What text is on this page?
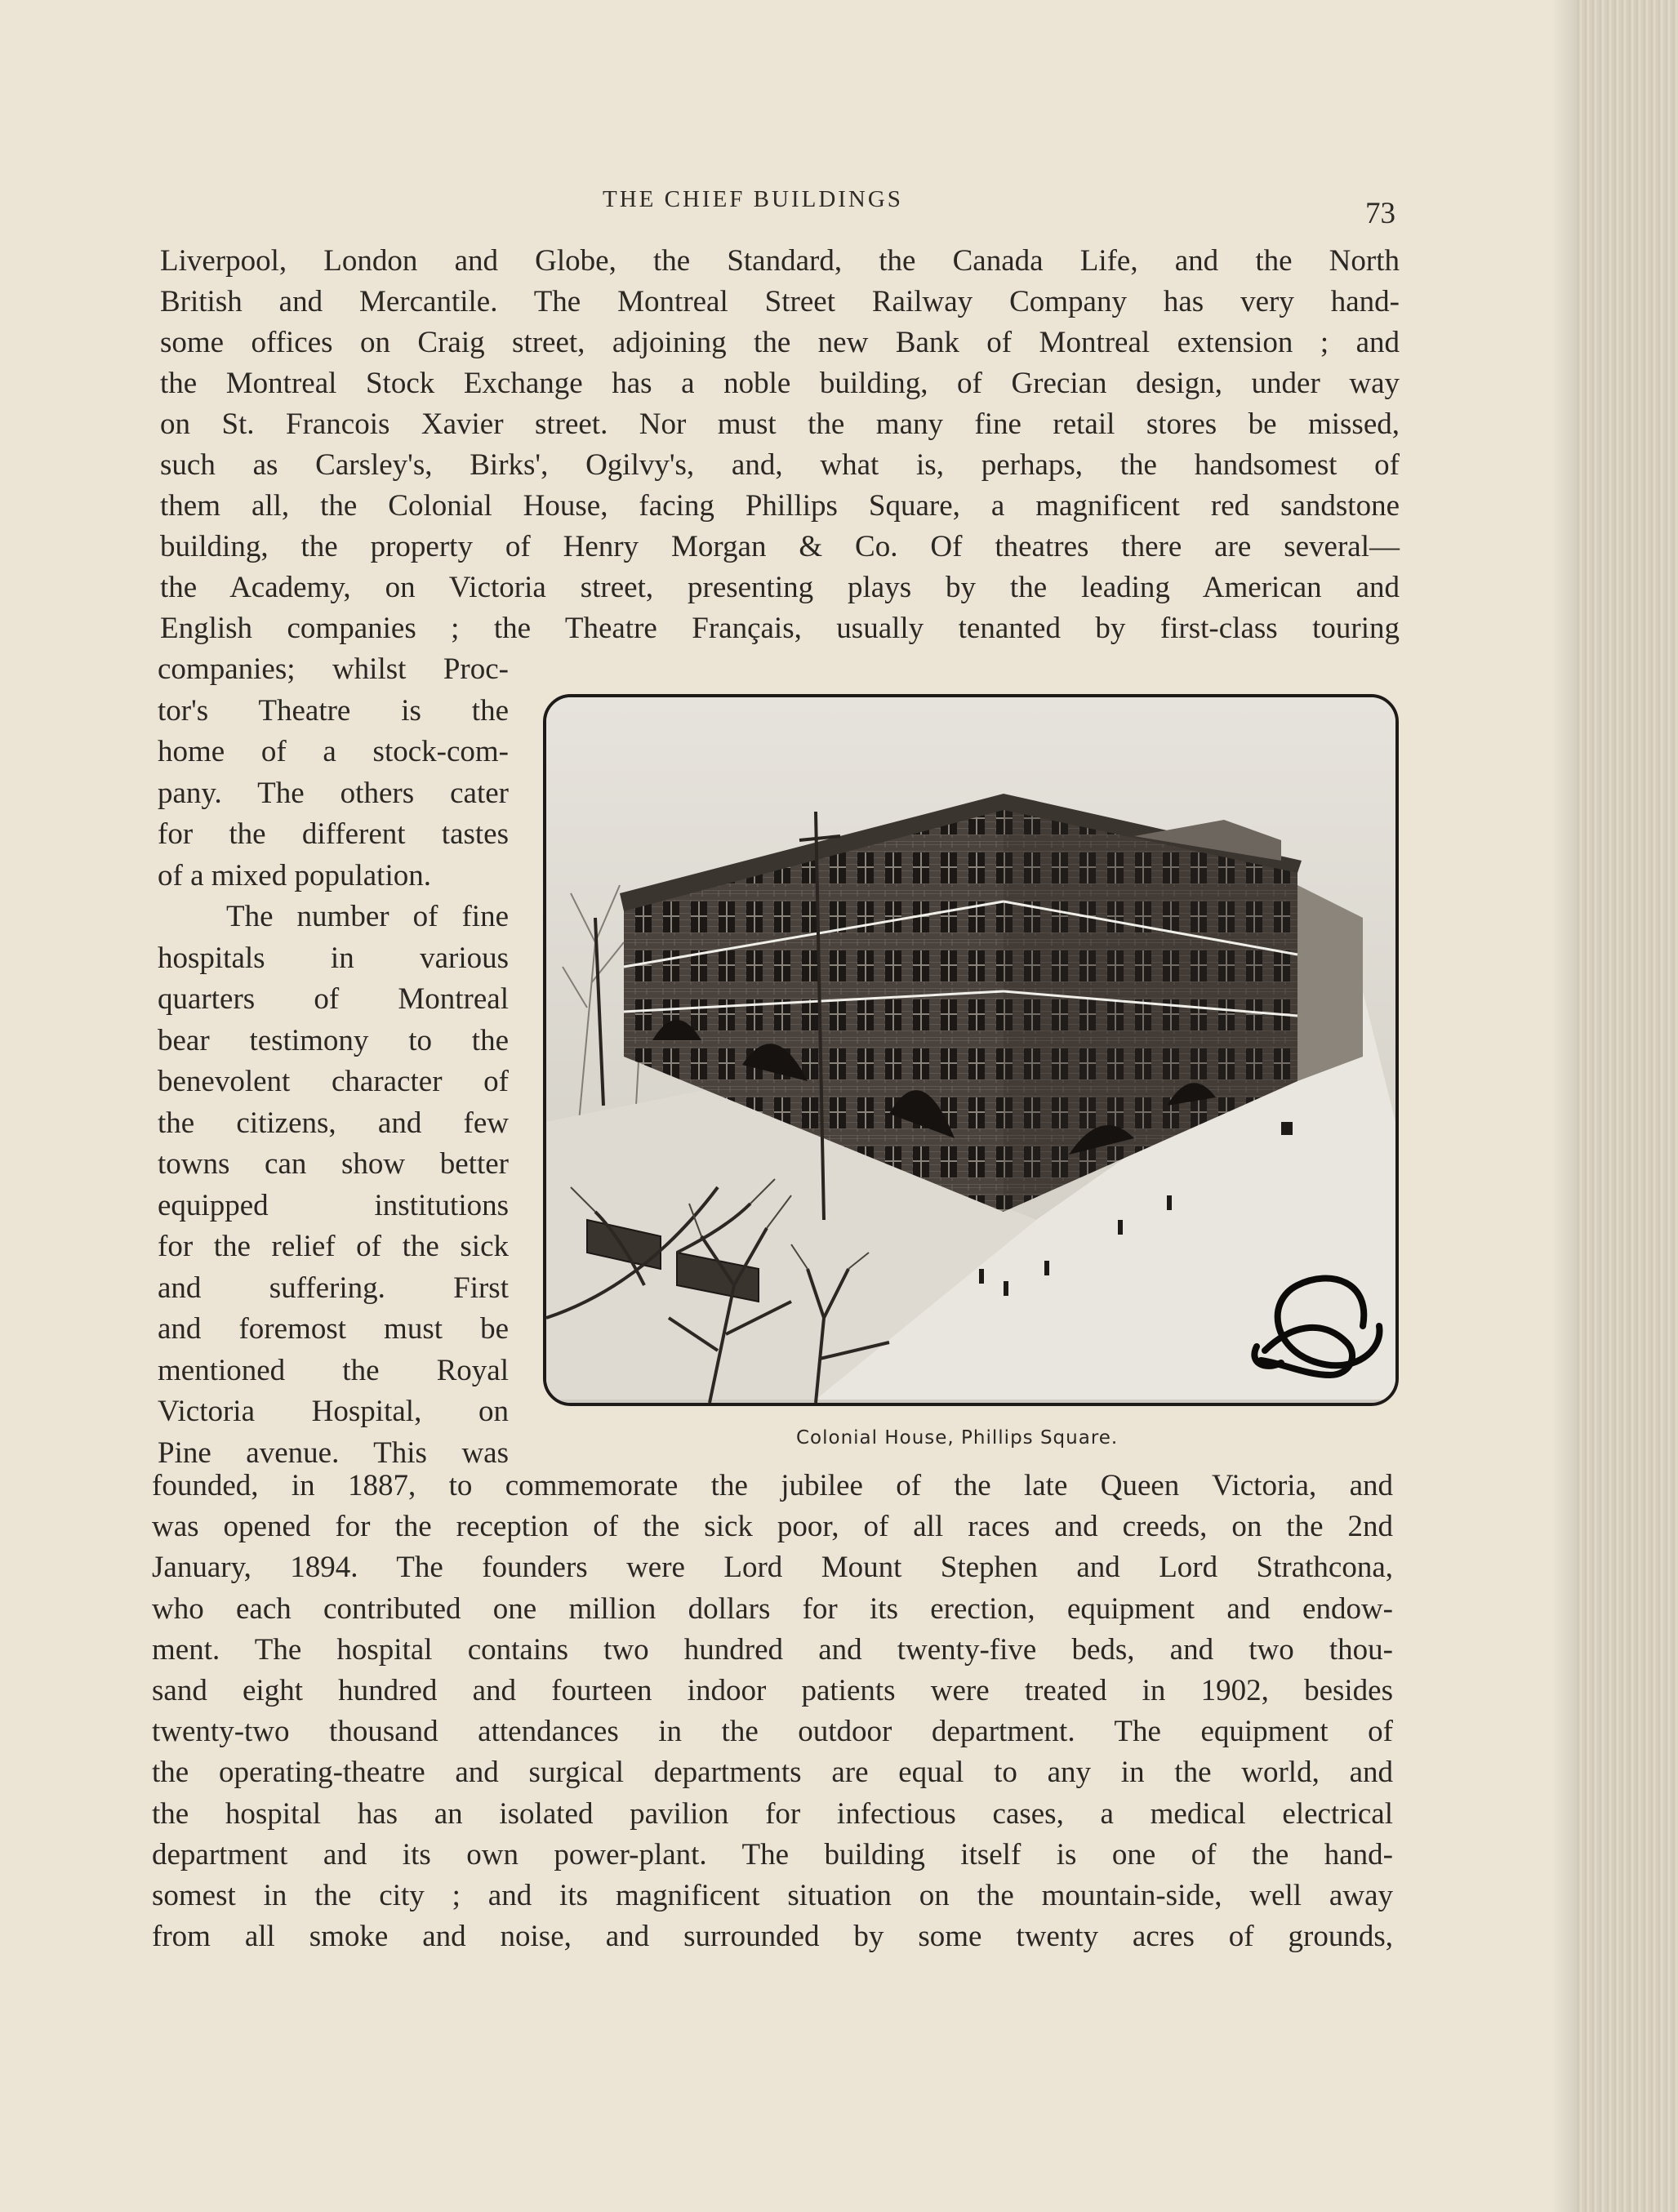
THE CHIEF BUILDINGS	73
Liverpool, London and Globe, the Standard, the Canada Life, and the North
British and Mercantile. The Montreal Street Railway Company has very hand-
some offices on Craig street, adjoining the new Bank of Montreal extension ; and
the Montreal Stock Exchange has a noble building, of Grecian design, under way
on St. Francois Xavier street. Nor must the many fine retail stores be missed,
such as Carsley's, Birks', Ogilvy's, and, what is, perhaps, the handsomest of
them all, the Colonial House, facing Phillips Square, a magnificent red sandstone
building, the property of Henry Morgan & Co. Of theatres there are several—
the Academy, on Victoria street, presenting plays by the leading American and
English companies ; the Theatre Français, usually tenanted by first-class touring
companies; whilst Proc-
tor's Theatre is the
home of a stock-com-
pany. The others cater
for the different tastes
of a mixed population.
The number of fine
hospitals in various
quarters of Montreal
bear testimony to the
benevolent character of
the citizens, and few
towns can show better
equipped institutions
for the relief of the sick
and suffering. First
and foremost must be
mentioned the Royal
Victoria Hospital, on
Pine avenue. This was	Colonial House, Phillips Square.
founded, in 1887, to commemorate the jubilee of the late Queen Victoria, and
was opened for the reception of the sick poor, of all races and creeds, on the 2nd
January, 1894. The founders were Lord Mount Stephen and Lord Strathcona,
who each contributed one million dollars for its erection, equipment and endow-
ment. The hospital contains two hundred and twenty-five beds, and two thou-
sand eight hundred and fourteen indoor patients were treated in 1902, besides
twenty-two thousand attendances in the outdoor department. The equipment of
the operating-theatre and surgical departments are equal to any in the world, and
the hospital has an isolated pavilion for infectious cases, a medical electrical
department and its own power-plant. The building itself is one of the hand-
somest in the city ; and its magnificent situation on the mountain-side, well away
from all smoke and noise, and surrounded by some twenty acres of grounds,
